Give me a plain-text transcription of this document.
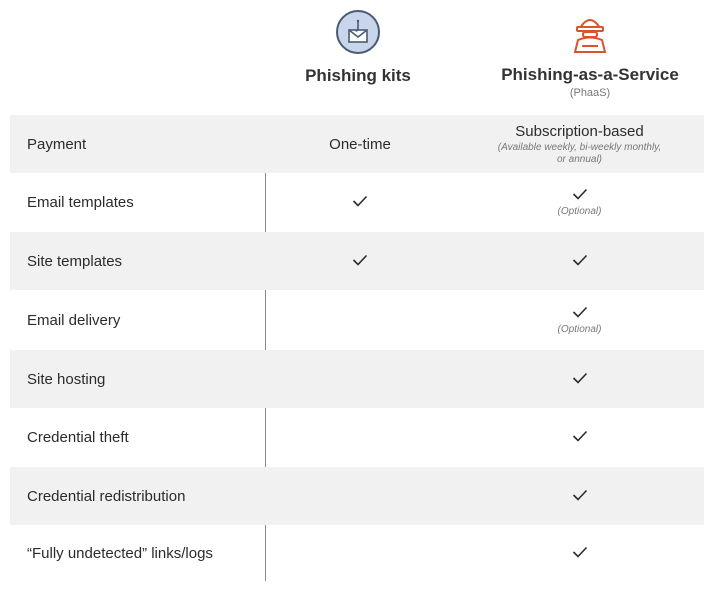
Phishing kits	Phishing-as-a-Service
(PhaaS)
Payment	One-time
Subscription-based
(Available weekly, bi-weekly monthly, or annual)
Email templates
(Optional)
Site templates
Email delivery
(Optional)
Site hosting
Credential theft
Credential redistribution
“Fully undetected” links/logs
